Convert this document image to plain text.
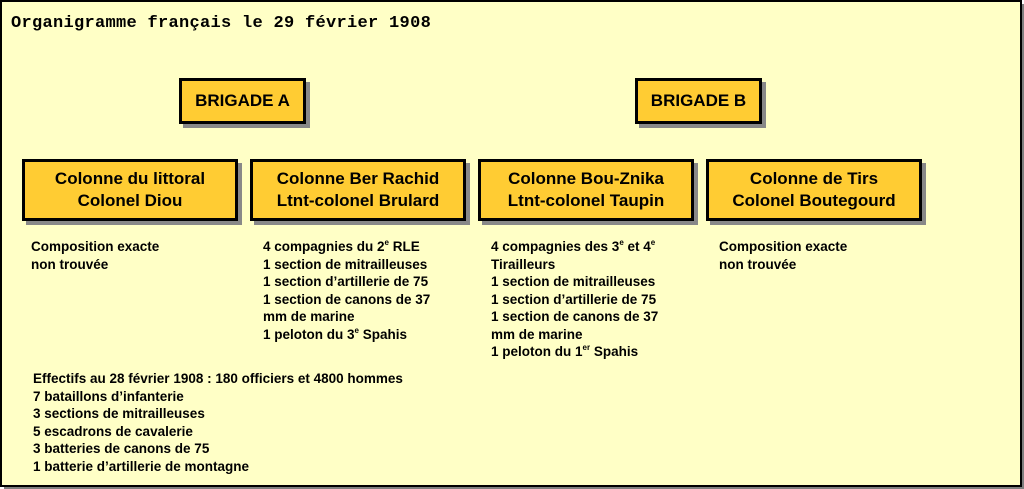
Organigramme français le 29 février 1908

BRIGADE A	BRIGADE B
Colonne du littoral
Colonel Diou
Colonne Ber Rachid
Ltnt-colonel Brulard
Colonne Bou-Znika
Ltnt-colonel Taupin
Colonne de Tirs
Colonel Boutegourd
Composition exacte
non trouvée
4 compagnies du 2e RLE
1 section de mitrailleuses
1 section d’artillerie de 75
1 section de canons de 37
mm de marine
1 peloton du 3e Spahis
4 compagnies des 3e et 4e
Tirailleurs
1 section de mitrailleuses
1 section d’artillerie de 75
1 section de canons de 37
mm de marine
1 peloton du 1er Spahis
Composition exacte
non trouvée
Effectifs au 28 février 1908 : 180 officiers et 4800 hommes
7 bataillons d’infanterie
3 sections de mitrailleuses
5 escadrons de cavalerie
3 batteries de canons de 75
1 batterie d’artillerie de montagne
